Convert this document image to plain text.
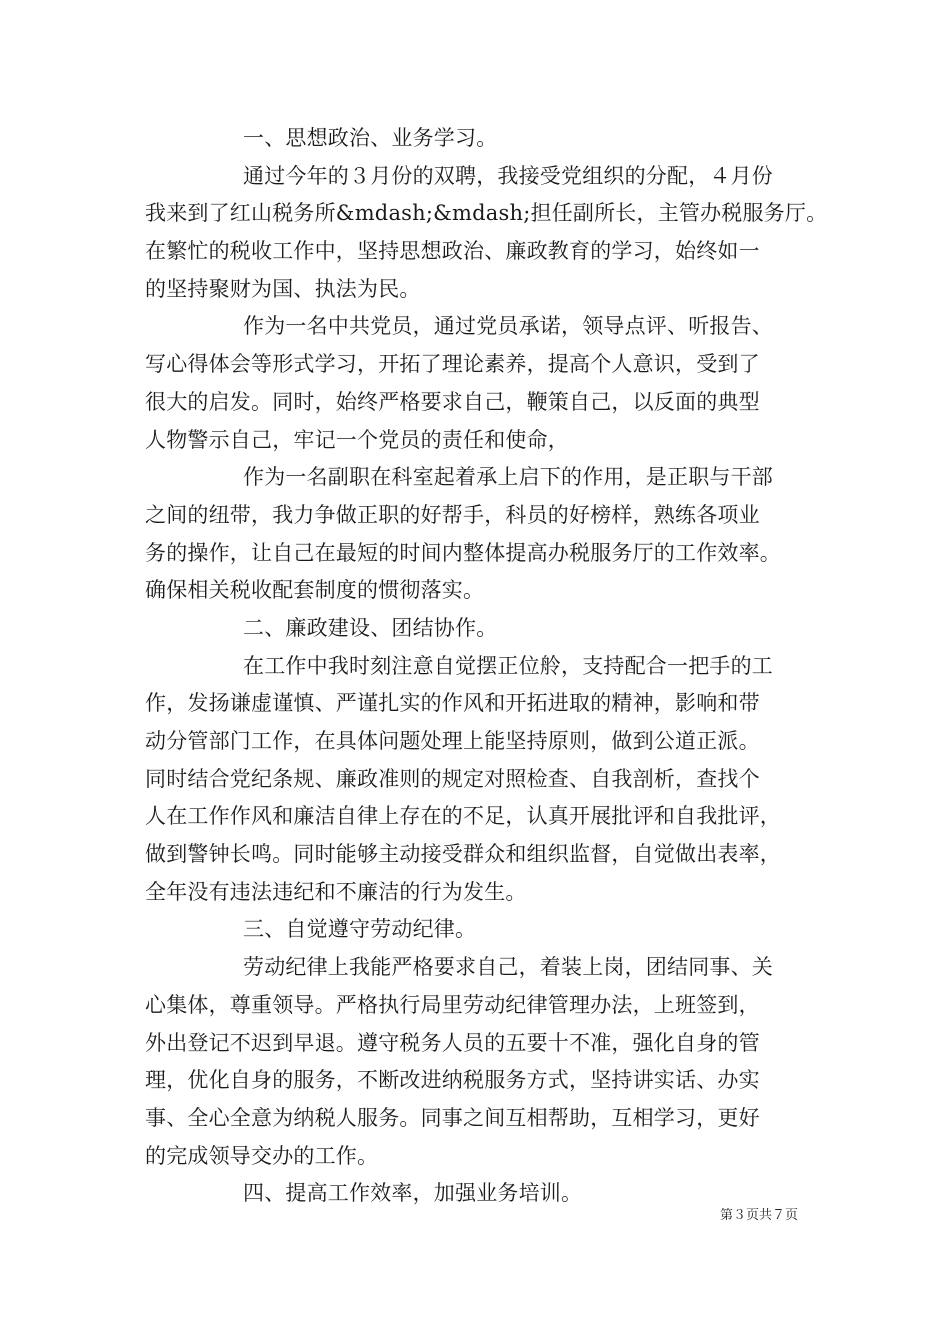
一、思想政治、业务学习。
通过今年的３月份的双聘，我接受党组织的分配，４月份
我来到了红山税务所&mdash;&mdash;担任副所长，主管办税服务厅。
在繁忙的税收工作中，坚持思想政治、廉政教育的学习，始终如一
的坚持聚财为国、执法为民。
作为一名中共党员，通过党员承诺，领导点评、听报告、
写心得体会等形式学习，开拓了理论素养，提高个人意识，受到了
很大的启发。同时，始终严格要求自己，鞭策自己，以反面的典型
人物警示自己，牢记一个党员的责任和使命，
作为一名副职在科室起着承上启下的作用，是正职与干部
之间的纽带，我力争做正职的好帮手，科员的好榜样，熟练各项业
务的操作，让自己在最短的时间内整体提高办税服务厅的工作效率。
确保相关税收配套制度的惯彻落实。
二、廉政建设、团结协作。
在工作中我时刻注意自觉摆正位舲，支持配合一把手的工
作，发扬谦虚谨慎、严谨扎实的作风和开拓进取的精神，影响和带
动分管部门工作，在具体问题处理上能坚持原则，做到公道正派。
同时结合党纪条规、廉政准则的规定对照检查、自我剖析，查找个
人在工作作风和廉洁自律上存在的不足，认真开展批评和自我批评，
做到警钟长鸣。同时能够主动接受群众和组织监督，自觉做出表率，
全年没有违法违纪和不廉洁的行为发生。
三、自觉遵守劳动纪律。
劳动纪律上我能严格要求自己，着装上岗，团结同事、关
心集体，尊重领导。严格执行局里劳动纪律管理办法，上班签到，
外出登记不迟到早退。遵守税务人员的五要十不准，强化自身的管
理，优化自身的服务，不断改进纳税服务方式，坚持讲实话、办实
事、全心全意为纳税人服务。同事之间互相帮助，互相学习，更好
的完成领导交办的工作。
四、提高工作效率，加强业务培训。
第３页共７页
